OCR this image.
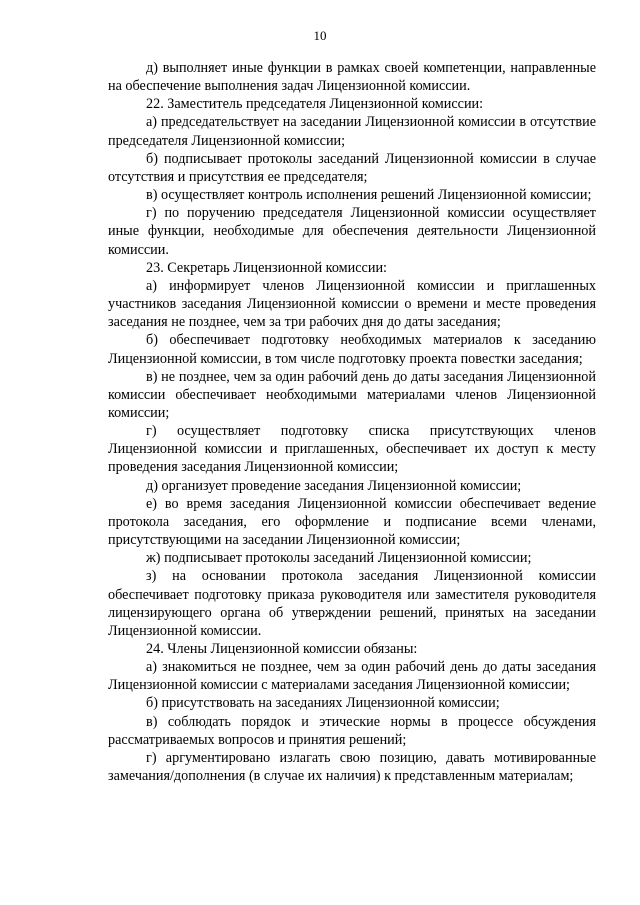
10

д) выполняет иные функции в рамках своей компетенции, направленные на обеспечение выполнения задач Лицензионной комиссии.

22. Заместитель председателя Лицензионной комиссии:

а) председательствует на заседании Лицензионной комиссии в отсутствие председателя Лицензионной комиссии;

б) подписывает протоколы заседаний Лицензионной комиссии в случае отсутствия и присутствия ее председателя;

в) осуществляет контроль исполнения решений Лицензионной комиссии;

г) по поручению председателя Лицензионной комиссии осуществляет иные функции, необходимые для обеспечения деятельности Лицензионной комиссии.

23. Секретарь Лицензионной комиссии:

а) информирует членов Лицензионной комиссии и приглашенных участников заседания Лицензионной комиссии о времени и месте проведения заседания не позднее, чем за три рабочих дня до даты заседания;

б) обеспечивает подготовку необходимых материалов к заседанию Лицензионной комиссии, в том числе подготовку проекта повестки заседания;

в) не позднее, чем за один рабочий день до даты заседания Лицензионной комиссии обеспечивает необходимыми материалами членов Лицензионной комиссии;

г) осуществляет подготовку списка присутствующих членов Лицензионной комиссии и приглашенных, обеспечивает их доступ к месту проведения заседания Лицензионной комиссии;

д) организует проведение заседания Лицензионной комиссии;

е) во время заседания Лицензионной комиссии обеспечивает ведение протокола заседания, его оформление и подписание всеми членами, присутствующими на заседании Лицензионной комиссии;

ж) подписывает протоколы заседаний Лицензионной комиссии;

з) на основании протокола заседания Лицензионной комиссии обеспечивает подготовку приказа руководителя или заместителя руководителя лицензирующего органа об утверждении решений, принятых на заседании Лицензионной комиссии.

24. Члены Лицензионной комиссии обязаны:

а) знакомиться не позднее, чем за один рабочий день до даты заседания Лицензионной комиссии с материалами заседания Лицензионной комиссии;

б) присутствовать на заседаниях Лицензионной комиссии;

в) соблюдать порядок и этические нормы в процессе обсуждения рассматриваемых вопросов и принятия решений;

г) аргументировано излагать свою позицию, давать мотивированные замечания/дополнения (в случае их наличия) к представленным материалам;
